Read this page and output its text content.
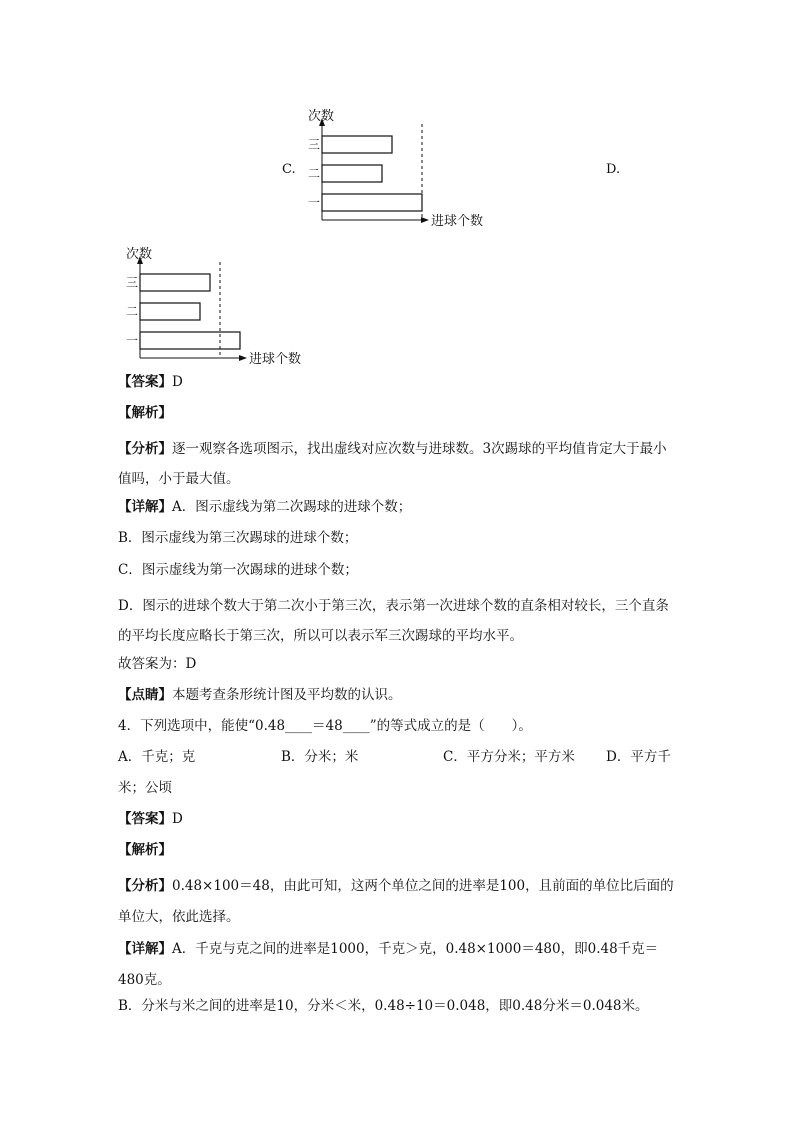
C.
次数
进球个数
三
二
一
D.
次数
进球个数
三
二
一
【答案】D
【解析】
【分析】逐一观察各选项图示，找出虚线对应次数与进球数。3次踢球的平均值肯定大于最小值吗，小于最大值。
【详解】A．图示虚线为第二次踢球的进球个数；
B．图示虚线为第三次踢球的进球个数；
C．图示虚线为第一次踢球的进球个数；
D．图示的进球个数大于第二次小于第三次，表示第一次进球个数的直条相对较长，三个直条的平均长度应略长于第三次，所以可以表示军三次踢球的平均水平。
故答案为：D
【点睛】本题考查条形统计图及平均数的认识。
4．下列选项中，能使“0.48____＝48____”的等式成立的是（　　）。
A．千克；克	B．分米；米	C．平方分米；平方米 D．平方千
米；公顷
【答案】D
【解析】
【分析】0.48×100＝48，由此可知，这两个单位之间的进率是100，且前面的单位比后面的单位大，依此选择。
【详解】A．千克与克之间的进率是1000，千克＞克，0.48×1000＝480，即0.48千克＝480克。
B．分米与米之间的进率是10，分米＜米，0.48÷10＝0.048，即0.48分米＝0.048米。
